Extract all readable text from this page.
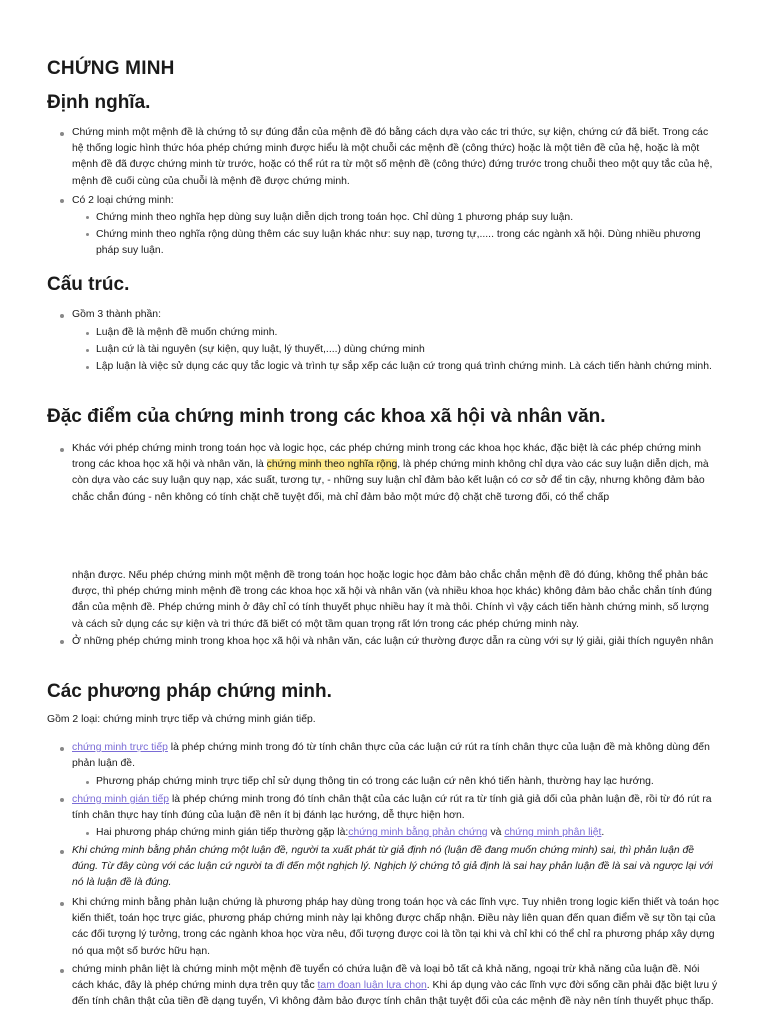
CHỨNG MINH
Định nghĩa.

Chứng minh một mệnh đề là chứng tỏ sự đúng đắn của mệnh đề đó bằng cách dựa vào các tri thức, sự kiện, chứng cứ đã biết. Trong các hệ thống logic hình thức hóa phép chứng minh được hiểu là một chuỗi các mệnh đề (công thức) hoặc là một tiên đề của hệ, hoặc là một mệnh đề đã được chứng minh từ trước, hoặc có thể rút ra từ một số mệnh đề (công thức) đứng trước trong chuỗi theo một quy tắc của hệ, mệnh đề cuối cùng của chuỗi là mệnh đề được chứng minh.

Có 2 loại chứng minh:

Chứng minh theo nghĩa hẹp dùng suy luận diễn dịch trong toán học. Chỉ dùng 1 phương pháp suy luận.

Chứng minh theo nghĩa rộng dùng thêm các suy luận khác như: suy nạp, tương tự,..... trong các ngành xã hội. Dùng nhiều phương pháp suy luận.

Cấu trúc.

Gồm 3 thành phần:

Luận đề là mệnh đề muốn chứng minh.

Luận cứ là tài nguyên (sự kiện, quy luật, lý thuyết,....) dùng chứng minh

Lập luận là việc sử dụng các quy tắc logic và trình tự sắp xếp các luận cứ trong quá trình chứng minh. Là cách tiến hành chứng minh.

Đặc điểm của chứng minh trong các khoa xã hội và nhân văn.

Khác với phép chứng minh trong toán học và logic học, các phép chứng minh trong các khoa học khác, đặc biệt là các phép chứng minh trong các khoa học xã hội và nhân văn, là chứng minh theo nghĩa rộng, là phép chứng minh không chỉ dựa vào các suy luận diễn dịch, mà còn dựa vào các suy luận quy nạp, xác suất, tương tự, - những suy luận chỉ đảm bảo kết luận có cơ sở để tin cậy, nhưng không đảm bảo chắc chắn đúng - nên không có tính chặt chẽ tuyệt đối, mà chỉ đảm bảo một mức độ chặt chẽ tương đối, có thể chấp

nhận được. Nếu phép chứng minh một mệnh đề trong toán học hoặc logic học đảm bảo chắc chắn mệnh đề đó đúng, không thể phản bác được, thì phép chứng minh mệnh đề trong các khoa học xã hội và nhân văn (và nhiều khoa học khác) không đảm bảo chắc chắn tính đúng đắn của mệnh đề. Phép chứng minh ở đây chỉ có tính thuyết phục nhiều hay ít mà thôi. Chính vì vậy cách tiến hành chứng minh, số lượng và cách sử dụng các sự kiện và tri thức đã biết có một tầm quan trọng rất lớn trong các phép chứng minh này.

Ở những phép chứng minh trong khoa học xã hội và nhân văn, các luận cứ thường được dẫn ra cùng với sự lý giải, giải thích nguyên nhân

Các phương pháp chứng minh.

Gồm 2 loại: chứng minh trực tiếp và chứng minh gián tiếp.

chứng minh trực tiếp là phép chứng minh trong đó từ tính chân thực của các luận cứ rút ra tính chân thực của luận đề mà không dùng đến phản luận đề.

Phương pháp chứng minh trực tiếp chỉ sử dụng thông tin có trong các luận cứ nên khó tiến hành, thường hay lạc hướng.

chứng minh gián tiếp là phép chứng minh trong đó tính chân thật của các luận cứ rút ra từ tính giả giả dối của phản luận đề, rồi từ đó rút ra tính chân thực hay tính đúng của luận đề nên ít bị đánh lạc hướng, dễ thực hiện hơn.

Hai phương pháp chứng minh gián tiếp thường gặp là:chứng minh bằng phản chứng và chứng minh phân liệt.

Khi chứng minh bằng phản chứng một luận đề, người ta xuất phát từ giả định nó (luận đề đang muốn chứng minh) sai, thì phản luận đề đúng. Từ đây cùng với các luận cứ người ta đi đến một nghịch lý. Nghịch lý chứng tỏ giả định là sai hay phản luận đề là sai và ngược lại với nó là luận đề là đúng.

Khi chứng minh bằng phản luận chứng là phương pháp hay dùng trong toán học và các lĩnh vực. Tuy nhiên trong logic kiến thiết và toán học kiến thiết, toán học trực giác, phương pháp chứng minh này lại không được chấp nhận. Điều này liên quan đến quan điểm về sự tồn tại của các đối tượng lý tưởng, trong các ngành khoa học vừa nêu, đối tượng được coi là tồn tại khi và chỉ khi có thể chỉ ra phương pháp xây dựng nó qua một số bước hữu hạn.

chứng minh phân liệt là chứng minh một mệnh đề tuyển có chứa luận đề và loại bỏ tất cả khả năng, ngoại trừ khả năng của luận đề. Nói cách khác, đây là phép chứng minh dựa trên quy tắc tam đoạn luận lựa chọn. Khi áp dụng vào các lĩnh vực đời sống cần phải đặc biệt lưu ý đến tính chân thật của tiền đề dạng tuyển, Vì không đảm bảo được tính chân thật tuyệt đối của các mệnh đề này nên tính thuyết phục thấp.
